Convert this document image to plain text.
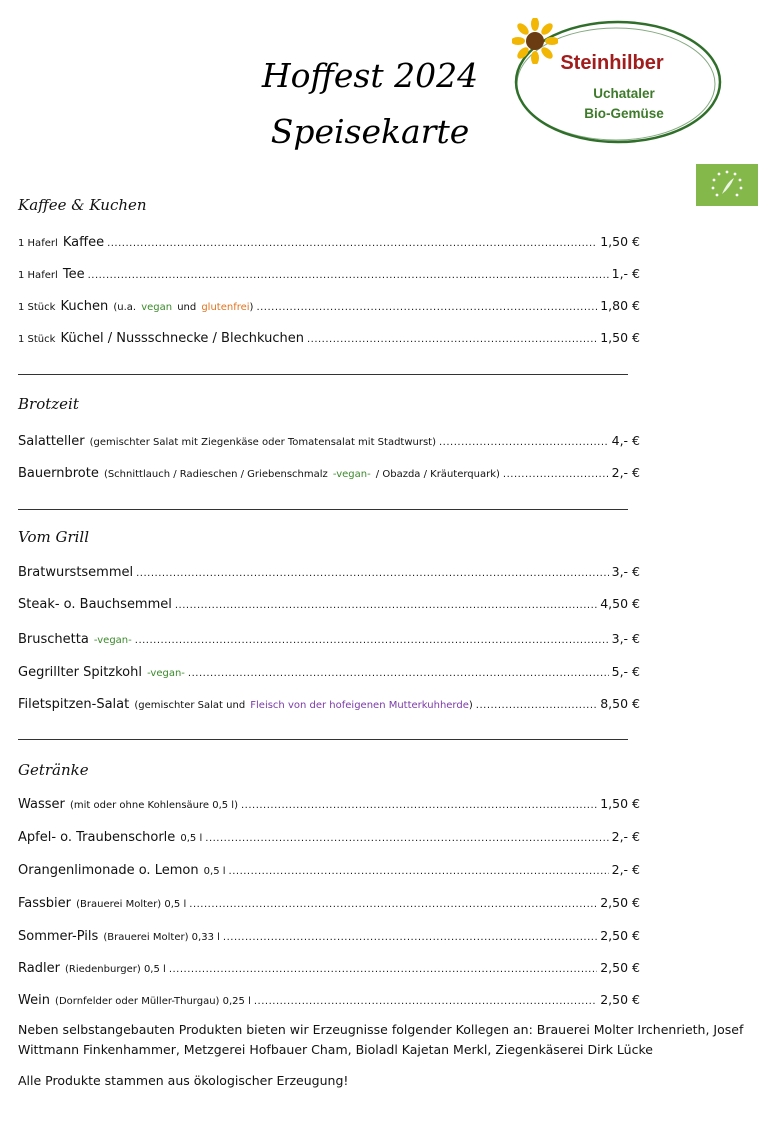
Hoffest 2024
Speisekarte
Steinhilber
Uchataler
Bio-Gemüse
Kaffee & Kuchen
1 Haferl
Kaffee .....	1,50 €
1 Haferl
Tee .....	1,- €
1 Stück
Kuchen
(u.a.
vegan
und
glutenfrei ) .....	1,80 €
1 Stück
Küchel / Nussschnecke / Blechkuchen .....	1,50 €
Brotzeit
Salatteller
(gemischter Salat mit Ziegenkäse oder Tomatensalat mit Stadtwurst) .....	4,- €
Bauernbrote
(Schnittlauch / Radieschen / Griebenschmalz
-vegan-
/ Obazda / Kräuterquark) .....	2,- €
Vom Grill
Bratwurstsemmel .....	3,- €
Steak- o. Bauchsemmel .....	4,50 €
Bruschetta
-vegan- .....	3,- €
Gegrillter Spitzkohl
-vegan- .....	5,- €
Filetspitzen-Salat
(gemischter Salat und
Fleisch von der hofeigenen Mutterkuhherde ) .....	8,50 €
Getränke
Wasser
(mit oder ohne Kohlensäure 0,5 l) .....	1,50 €
Apfel- o. Traubenschorle
0,5 l .....	2,- €
Orangenlimonade o. Lemon
0,5 l .....	2,- €
Fassbier
(Brauerei Molter) 0,5 l .....	2,50 €
Sommer-Pils
(Brauerei Molter) 0,33 l .....	2,50 €
Radler
(Riedenburger) 0,5 l .....	2,50 €
Wein
(Dornfelder oder Müller-Thurgau) 0,25 l .....	2,50 €
Neben selbstangebauten Produkten bieten wir Erzeugnisse folgender Kollegen an: Brauerei Molter Irchenrieth, Josef Wittmann Finkenhammer, Metzgerei Hofbauer Cham, Bioladl Kajetan Merkl, Ziegenkäserei Dirk Lücke
Alle Produkte stammen aus ökologischer Erzeugung!
